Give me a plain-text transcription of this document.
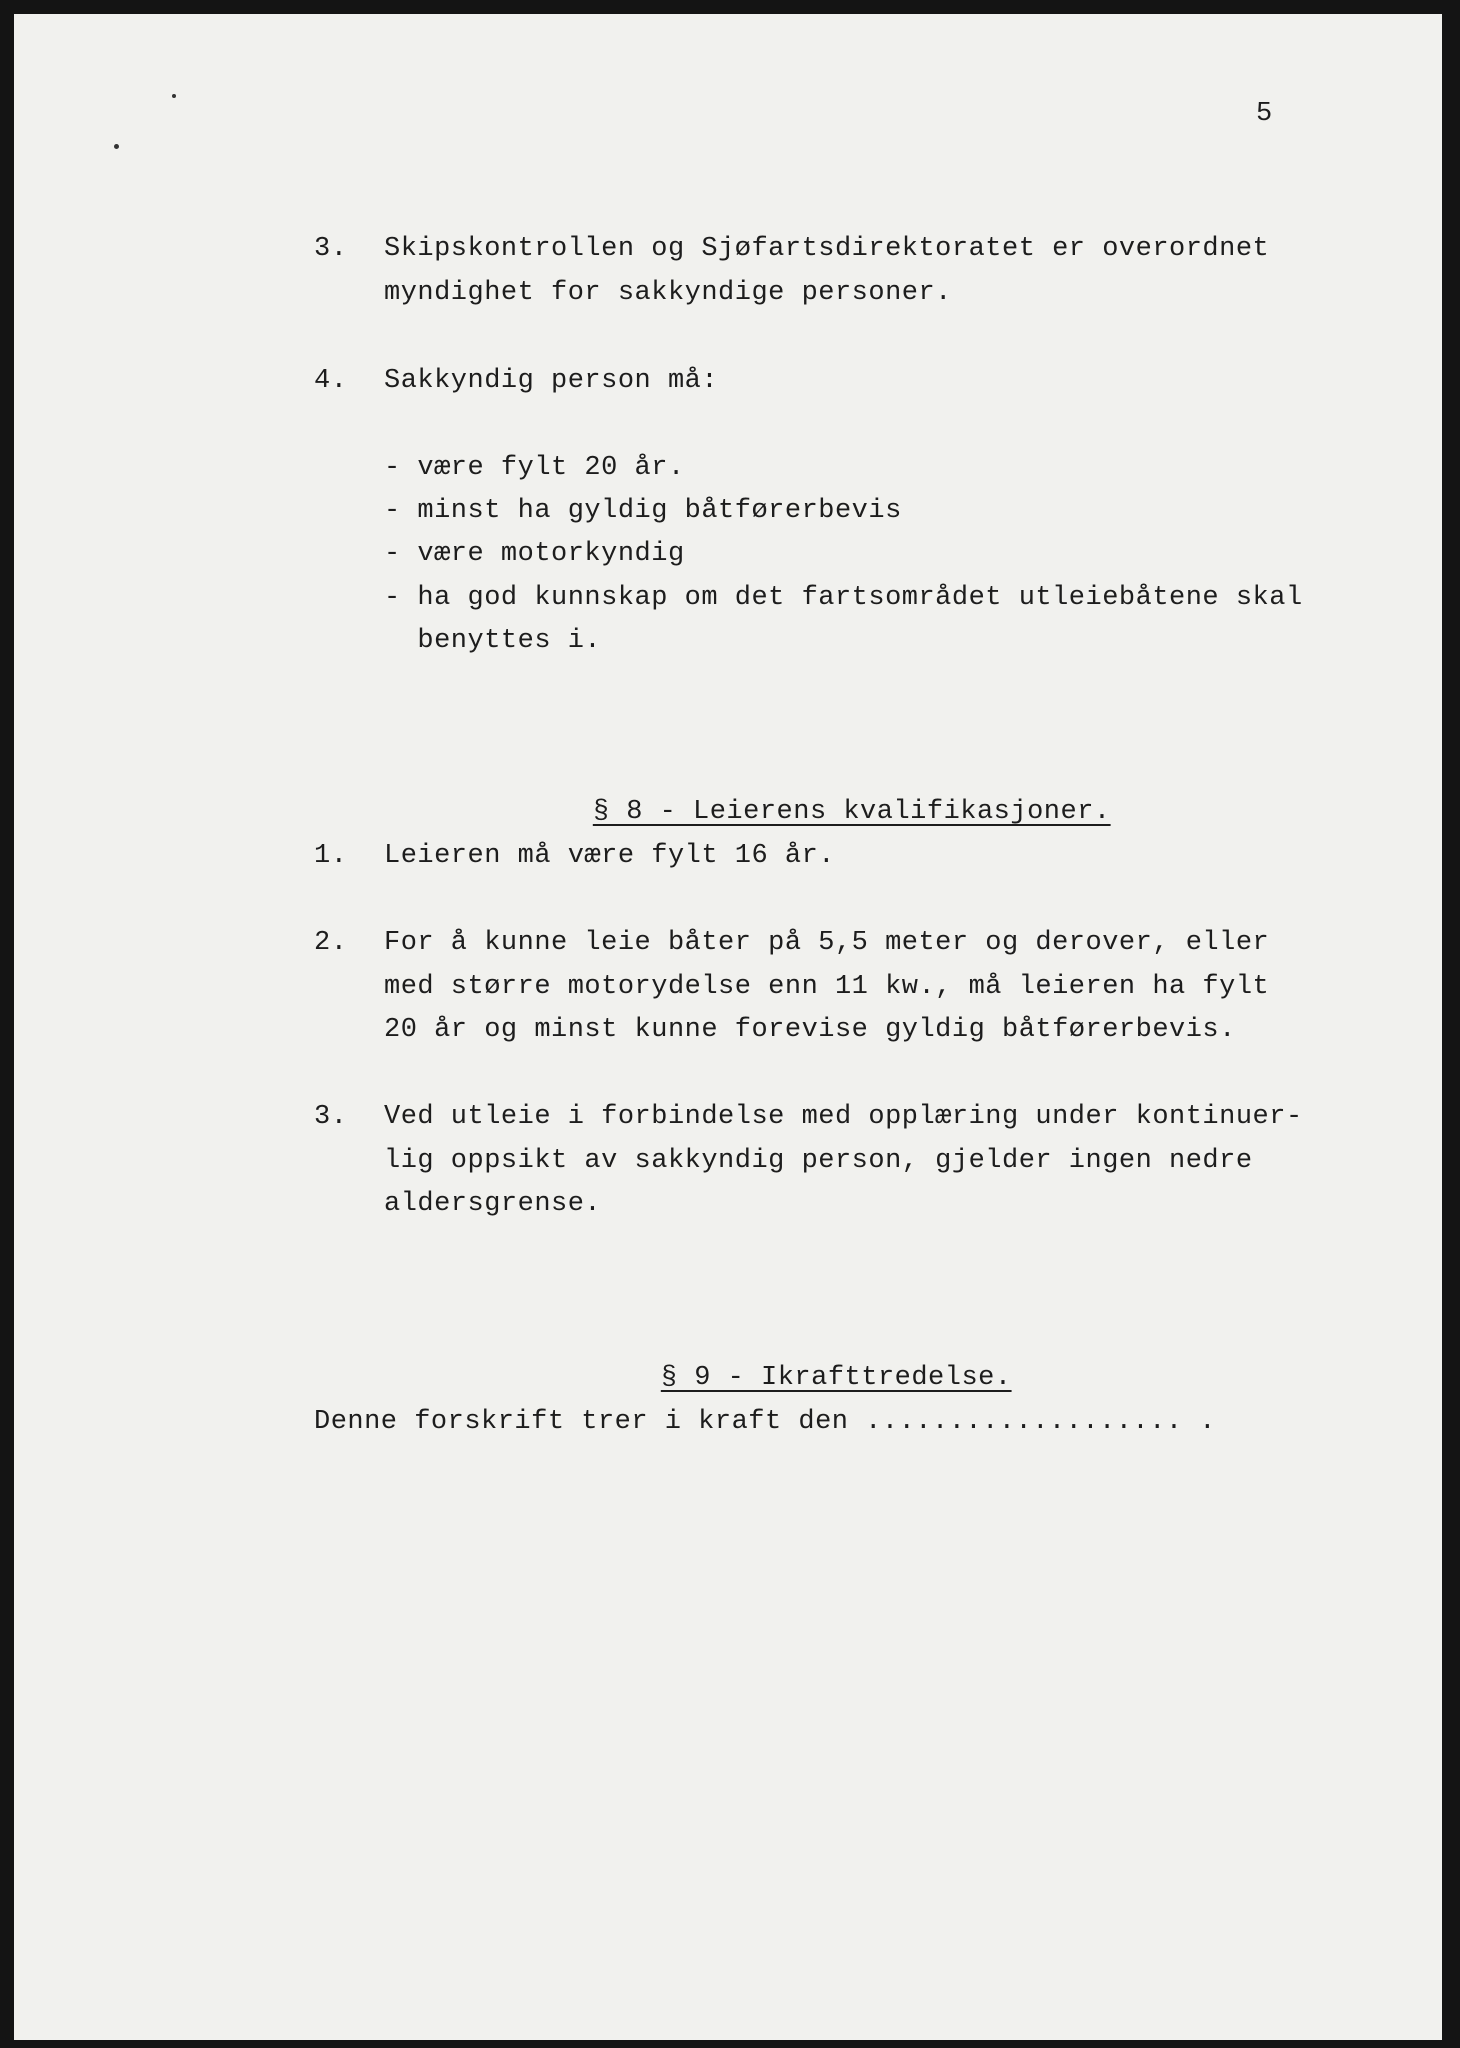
5
3.	Skipskontrollen og Sjøfartsdirektoratet er overordnet
myndighet for sakkyndige personer.
4.	Sakkyndig person må:
- være fylt 20 år.
- minst ha gyldig båtførerbevis
- være motorkyndig
- ha god kunnskap om det fartsområdet utleiebåtene skal
benyttes i.

§ 8 - Leierens kvalifikasjoner.

1.	Leieren må være fylt 16 år.
2.	For å kunne leie båter på 5,5 meter og derover, eller
med større motorydelse enn 11 kw., må leieren ha fylt
20 år og minst kunne forevise gyldig båtførerbevis.
3.	Ved utleie i forbindelse med opplæring under kontinuer-
lig oppsikt av sakkyndig person, gjelder ingen nedre
aldersgrense.

§ 9 - Ikrafttredelse.

Denne forskrift trer i kraft den ................... .
